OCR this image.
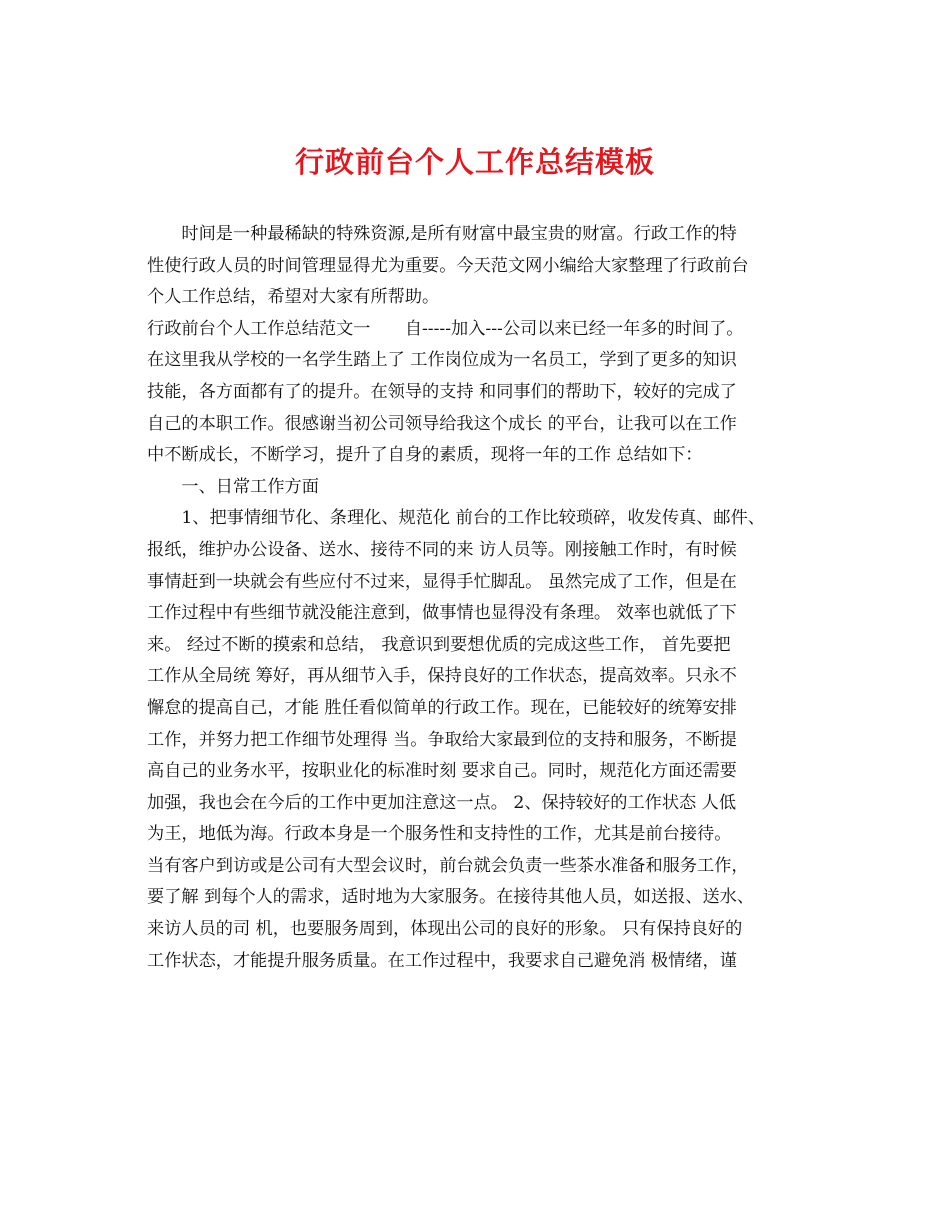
行政前台个人工作总结模板
　　时间是一种最稀缺的特殊资源,是所有财富中最宝贵的财富。行政工作的特
性使行政人员的时间管理显得尤为重要。今天范文网小编给大家整理了行政前台
个人工作总结，希望对大家有所帮助。
行政前台个人工作总结范文一　　自-----加入---公司以来已经一年多的时间了。
在这里我从学校的一名学生踏上了 工作岗位成为一名员工，学到了更多的知识
技能，各方面都有了的提升。在领导的支持 和同事们的帮助下，较好的完成了
自己的本职工作。很感谢当初公司领导给我这个成长 的平台，让我可以在工作
中不断成长，不断学习，提升了自身的素质，现将一年的工作 总结如下：
　　一、日常工作方面
　　1、把事情细节化、条理化、规范化 前台的工作比较琐碎，收发传真、邮件、
报纸，维护办公设备、送水、接待不同的来 访人员等。刚接触工作时，有时候
事情赶到一块就会有些应付不过来，显得手忙脚乱。 虽然完成了工作，但是在
工作过程中有些细节就没能注意到，做事情也显得没有条理。 效率也就低了下
来。 经过不断的摸索和总结， 我意识到要想优质的完成这些工作， 首先要把
工作从全局统 筹好，再从细节入手，保持良好的工作状态，提高效率。只永不
懈怠的提高自己，才能 胜任看似简单的行政工作。现在，已能较好的统筹安排
工作，并努力把工作细节处理得 当。争取给大家最到位的支持和服务，不断提
高自己的业务水平，按职业化的标准时刻 要求自己。同时，规范化方面还需要
加强，我也会在今后的工作中更加注意这一点。 2、保持较好的工作状态 人低
为王，地低为海。行政本身是一个服务性和支持性的工作，尤其是前台接待。
当有客户到访或是公司有大型会议时，前台就会负责一些茶水准备和服务工作，
要了解 到每个人的需求，适时地为大家服务。在接待其他人员，如送报、送水、
来访人员的司 机，也要服务周到，体现出公司的良好的形象。 只有保持良好的
工作状态，才能提升服务质量。在工作过程中，我要求自己避免消 极情绪，谨
